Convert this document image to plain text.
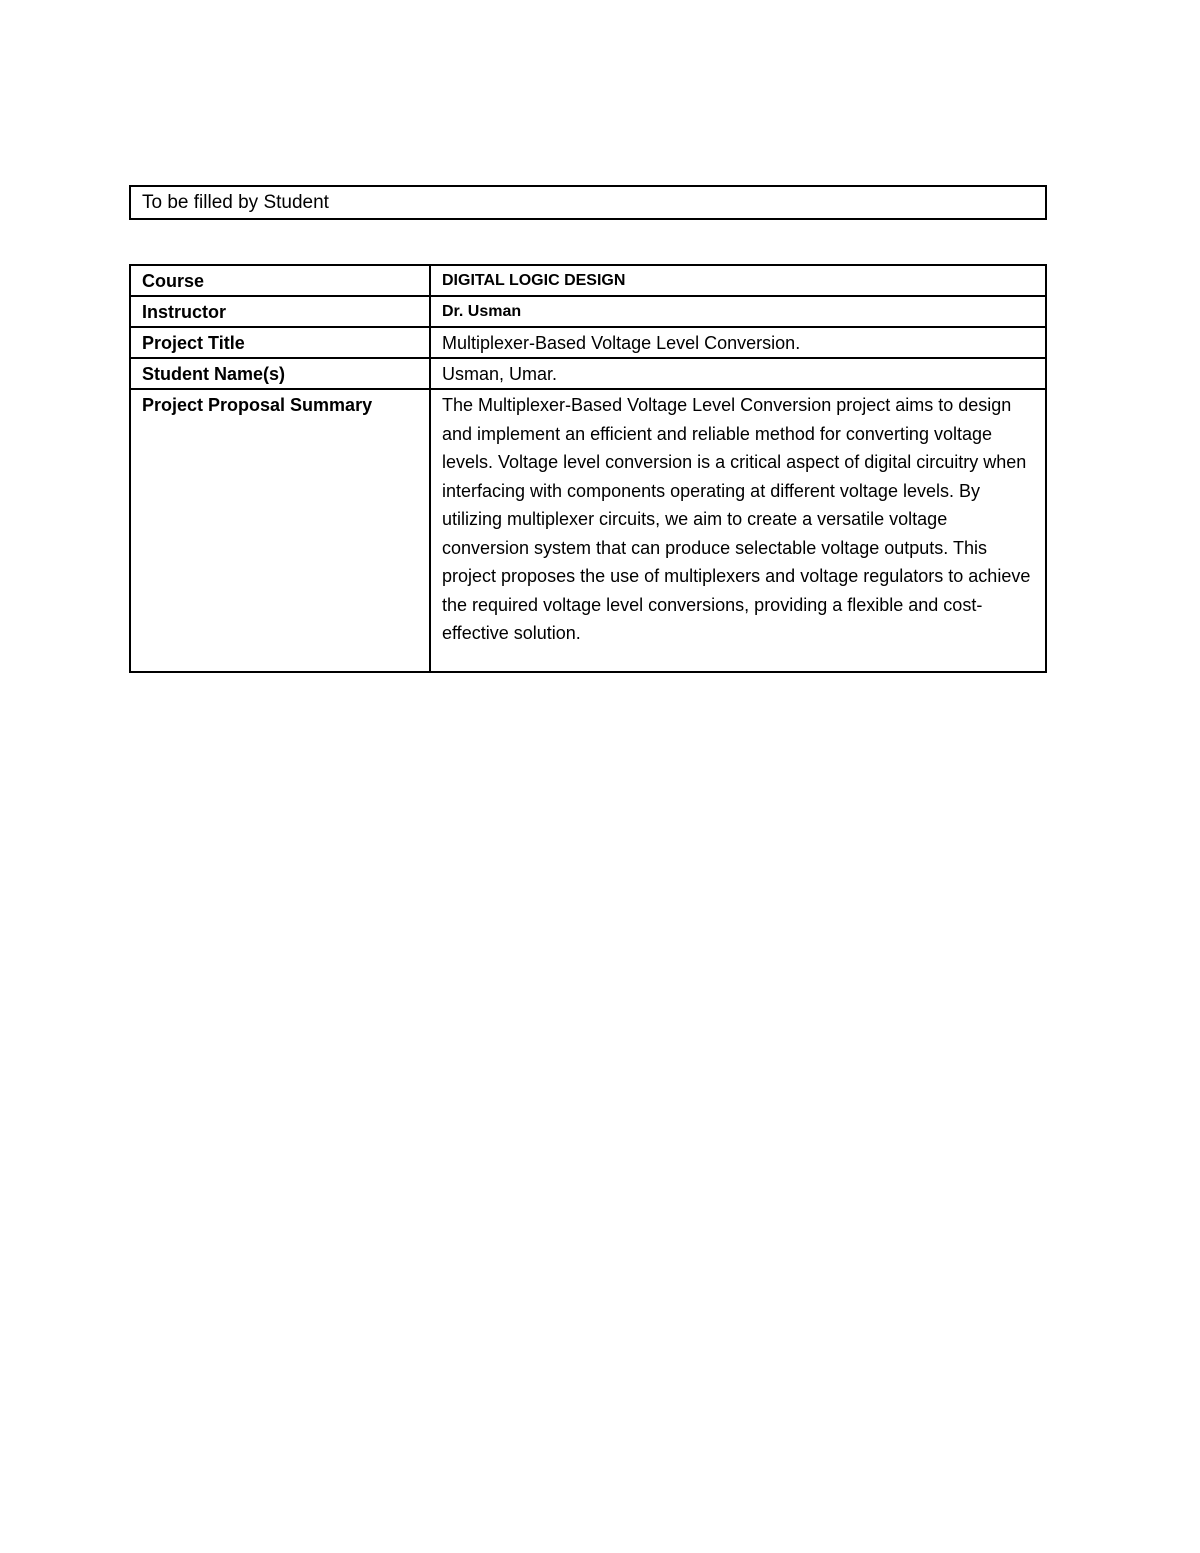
To be filled by Student
Course	DIGITAL LOGIC DESIGN

Instructor	Dr. Usman

Project Title	Multiplexer-Based Voltage Level Conversion.

Student Name(s)	Usman, Umar.

Project Proposal Summary	The Multiplexer-Based Voltage Level Conversion project aims to design and implement an efficient and reliable method for converting voltage levels. Voltage level conversion is a critical aspect of digital circuitry when interfacing with components operating at different voltage levels. By utilizing multiplexer circuits, we aim to create a versatile voltage conversion system that can produce selectable voltage outputs. This project proposes the use of multiplexers and voltage regulators to achieve the required voltage level conversions, providing a flexible and cost-effective solution.
